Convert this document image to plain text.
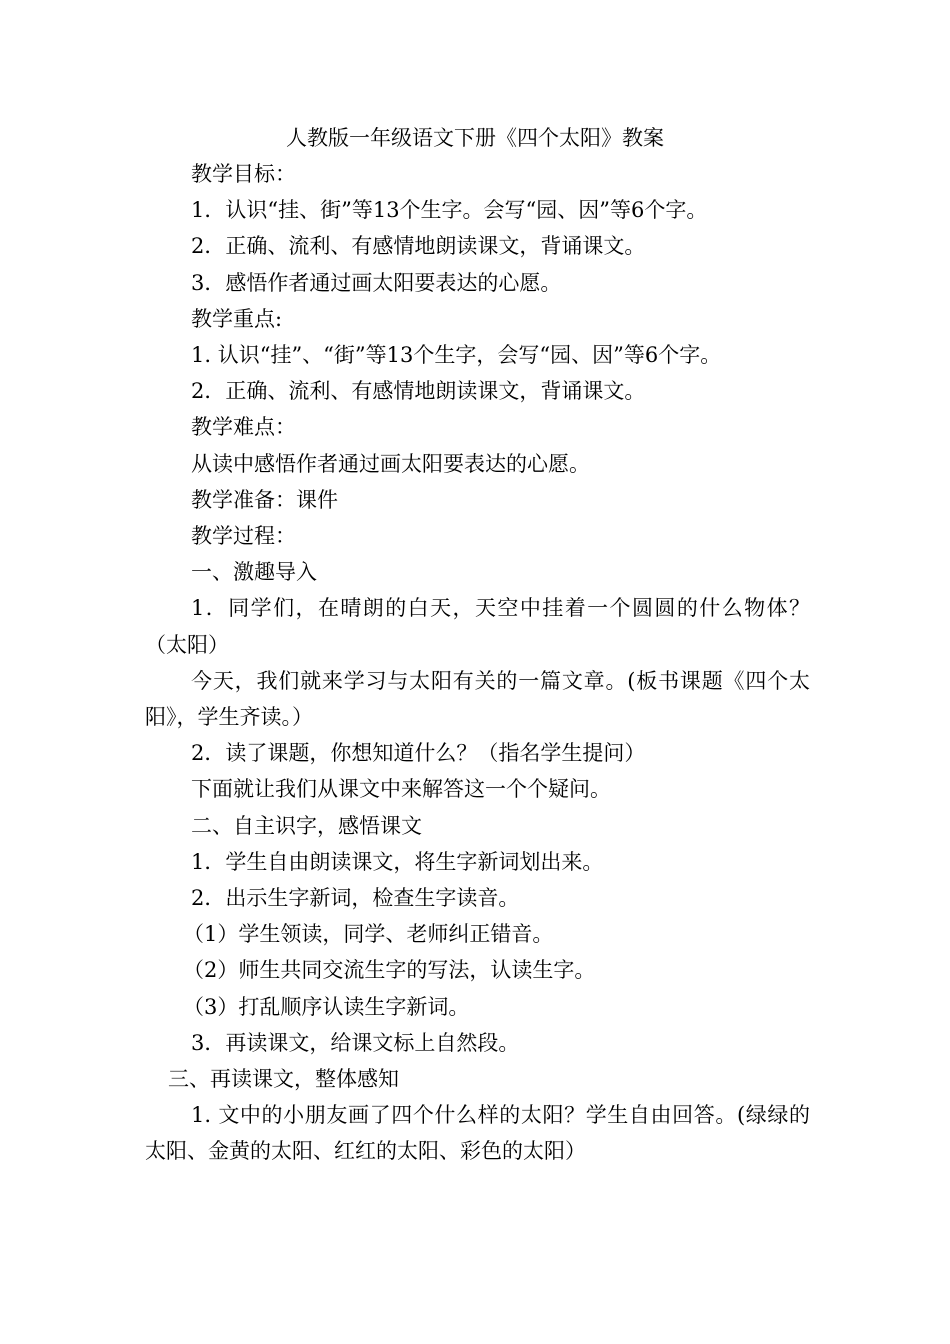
人教版一年级语文下册《四个太阳》教案

教学目标：

1．认识“挂、街”等13个生字。会写“园、因”等6个字。

2．正确、流利、有感情地朗读课文，背诵课文。

3．感悟作者通过画太阳要表达的心愿。

教学重点:

1. 认识“挂”、“街”等13个生字，会写“园、因”等6个字。

2．正确、流利、有感情地朗读课文，背诵课文。

教学难点：

从读中感悟作者通过画太阳要表达的心愿。

教学准备：课件

教学过程：

一、激趣导入

1．同学们，在晴朗的白天，天空中挂着一个圆圆的什么物体？（太阳）

今天，我们就来学习与太阳有关的一篇文章。(板书课题《四个太阳》，学生齐读。）

2．读了课题，你想知道什么？（指名学生提问）

下面就让我们从课文中来解答这一个个疑问。

二、自主识字，感悟课文

1．学生自由朗读课文，将生字新词划出来。

2．出示生字新词，检查生字读音。

（1）学生领读，同学、老师纠正错音。

（2）师生共同交流生字的写法，认读生字。

（3）打乱顺序认读生字新词。

3．再读课文，给课文标上自然段。

三、再读课文，整体感知

1. 文中的小朋友画了四个什么样的太阳？学生自由回答。(绿绿的太阳、金黄的太阳、红红的太阳、彩色的太阳）
